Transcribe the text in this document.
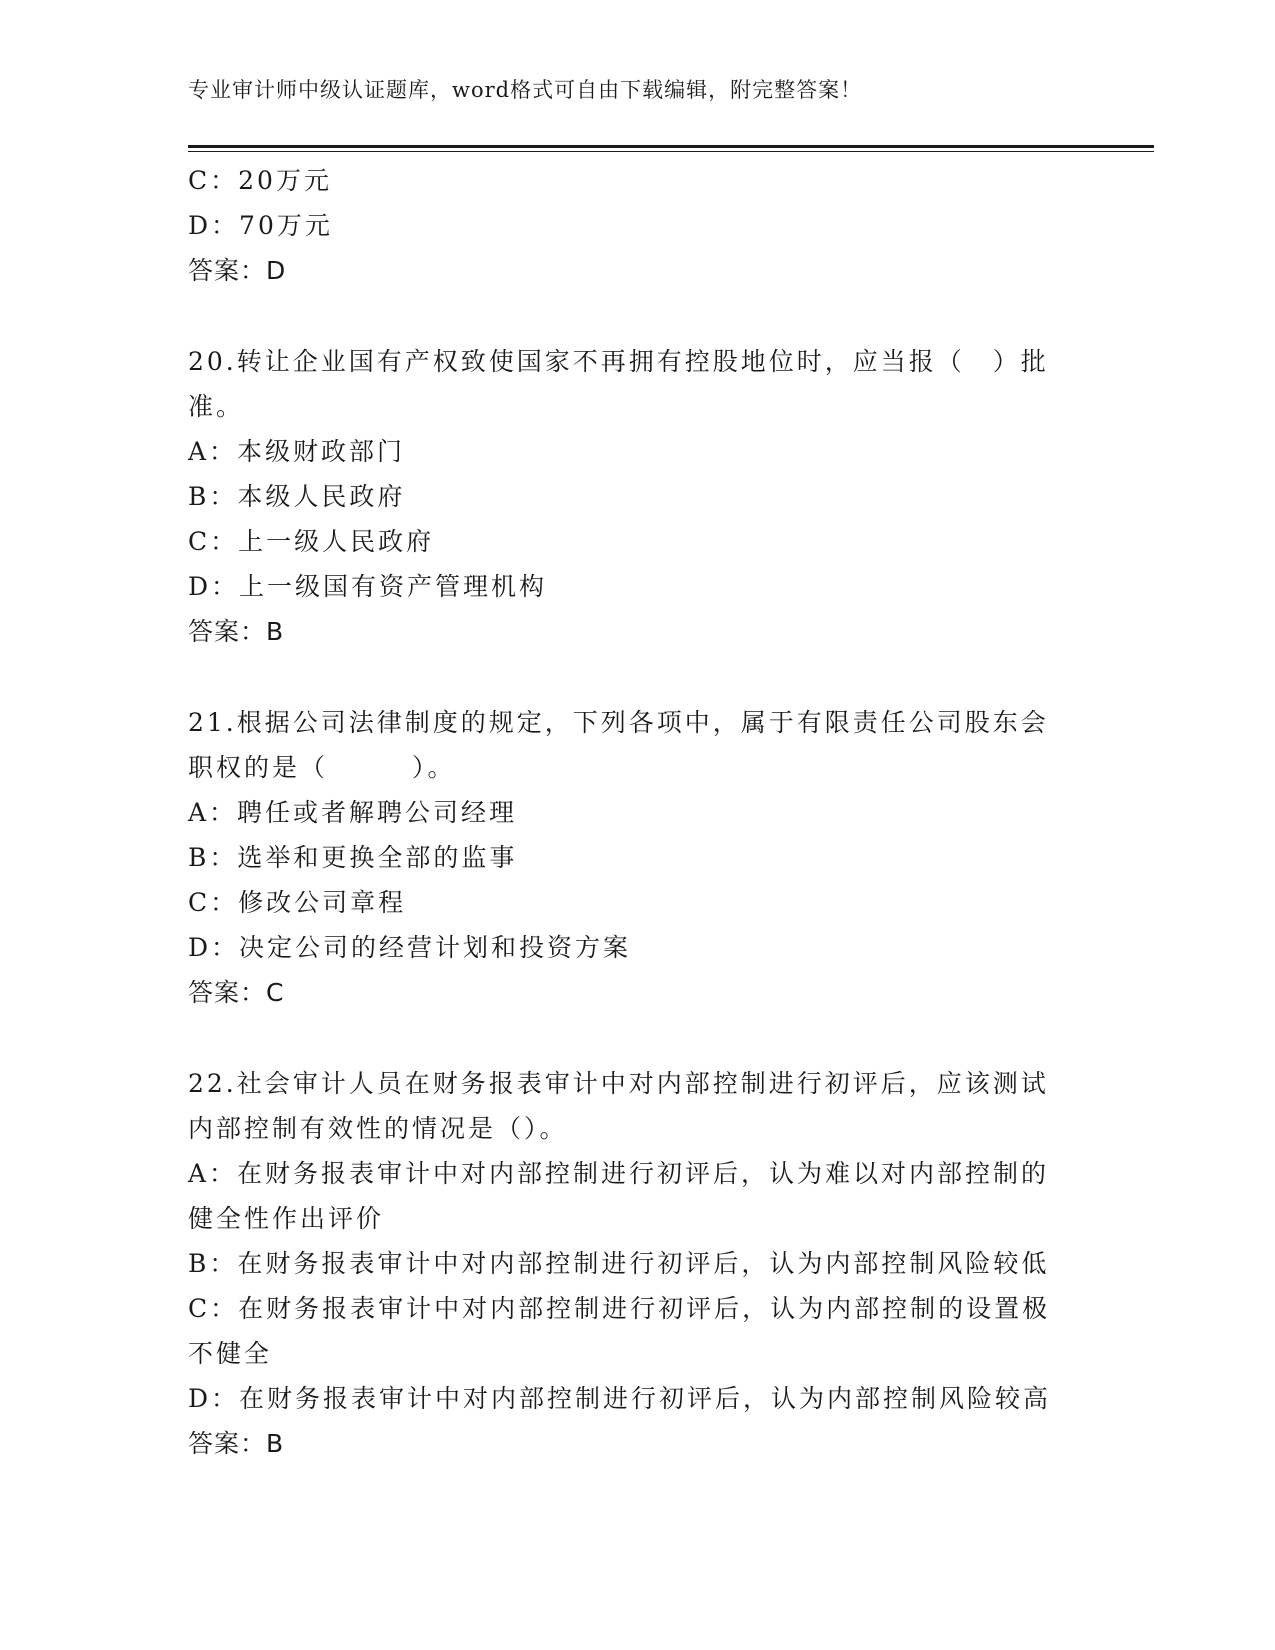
专业审计师中级认证题库，word格式可自由下载编辑，附完整答案！
C：20万元
D：70万元
答案：D
20.转让企业国有产权致使国家不再拥有控股地位时，应当报（　）批
准。
A：本级财政部门
B：本级人民政府
C：上一级人民政府
D：上一级国有资产管理机构
答案：B
21.根据公司法律制度的规定，下列各项中，属于有限责任公司股东会
职权的是（　　　）。
A：聘任或者解聘公司经理
B：选举和更换全部的监事
C：修改公司章程
D：决定公司的经营计划和投资方案
答案：C
22.社会审计人员在财务报表审计中对内部控制进行初评后，应该测试
内部控制有效性的情况是（）。
A：在财务报表审计中对内部控制进行初评后，认为难以对内部控制的
健全性作出评价
B：在财务报表审计中对内部控制进行初评后，认为内部控制风险较低
C：在财务报表审计中对内部控制进行初评后，认为内部控制的设置极
不健全
D：在财务报表审计中对内部控制进行初评后，认为内部控制风险较高
答案：B
